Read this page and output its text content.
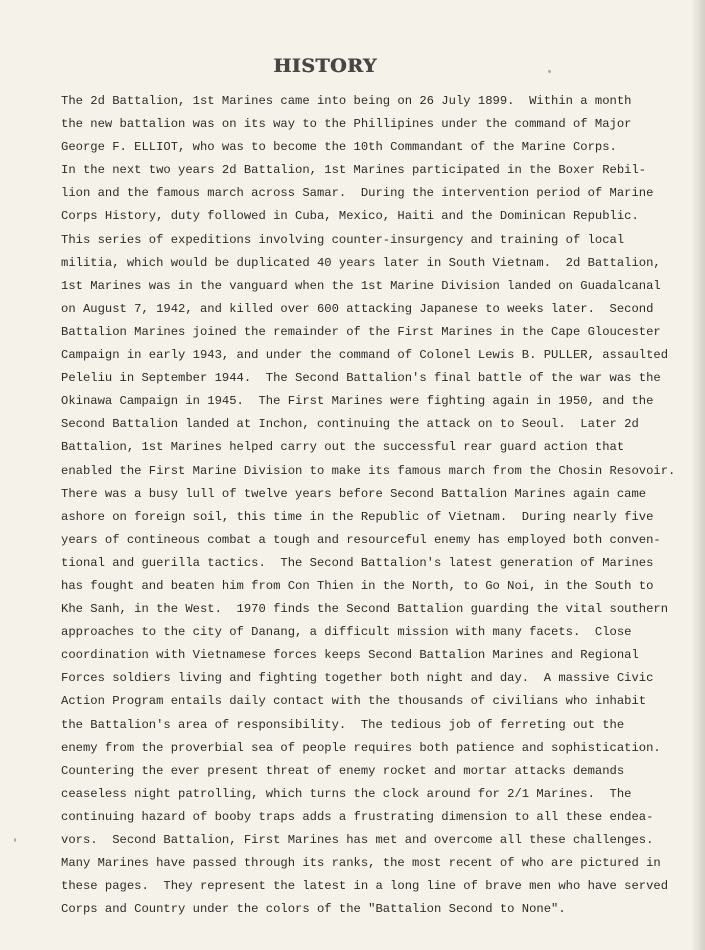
HISTORY
The 2d Battalion, 1st Marines came into being on 26 July 1899.  Within a month
the new battalion was on its way to the Phillipines under the command of Major
George F. ELLIOT, who was to become the 10th Commandant of the Marine Corps.
In the next two years 2d Battalion, 1st Marines participated in the Boxer Rebil-
lion and the famous march across Samar.  During the intervention period of Marine
Corps History, duty followed in Cuba, Mexico, Haiti and the Dominican Republic.
This series of expeditions involving counter-insurgency and training of local
militia, which would be duplicated 40 years later in South Vietnam.  2d Battalion,
1st Marines was in the vanguard when the 1st Marine Division landed on Guadalcanal
on August 7, 1942, and killed over 600 attacking Japanese to weeks later.  Second
Battalion Marines joined the remainder of the First Marines in the Cape Gloucester
Campaign in early 1943, and under the command of Colonel Lewis B. PULLER, assaulted
Peleliu in September 1944.  The Second Battalion's final battle of the war was the
Okinawa Campaign in 1945.  The First Marines were fighting again in 1950, and the
Second Battalion landed at Inchon, continuing the attack on to Seoul.  Later 2d
Battalion, 1st Marines helped carry out the successful rear guard action that
enabled the First Marine Division to make its famous march from the Chosin Resovoir.
There was a busy lull of twelve years before Second Battalion Marines again came
ashore on foreign soil, this time in the Republic of Vietnam.  During nearly five
years of contineous combat a tough and resourceful enemy has employed both conven-
tional and guerilla tactics.  The Second Battalion's latest generation of Marines
has fought and beaten him from Con Thien in the North, to Go Noi, in the South to
Khe Sanh, in the West.  1970 finds the Second Battalion guarding the vital southern
approaches to the city of Danang, a difficult mission with many facets.  Close
coordination with Vietnamese forces keeps Second Battalion Marines and Regional
Forces soldiers living and fighting together both night and day.  A massive Civic
Action Program entails daily contact with the thousands of civilians who inhabit
the Battalion's area of responsibility.  The tedious job of ferreting out the
enemy from the proverbial sea of people requires both patience and sophistication.
Countering the ever present threat of enemy rocket and mortar attacks demands
ceaseless night patrolling, which turns the clock around for 2/1 Marines.  The
continuing hazard of booby traps adds a frustrating dimension to all these endea-
vors.  Second Battalion, First Marines has met and overcome all these challenges.
Many Marines have passed through its ranks, the most recent of who are pictured in
these pages.  They represent the latest in a long line of brave men who have served
Corps and Country under the colors of the "Battalion Second to None".
